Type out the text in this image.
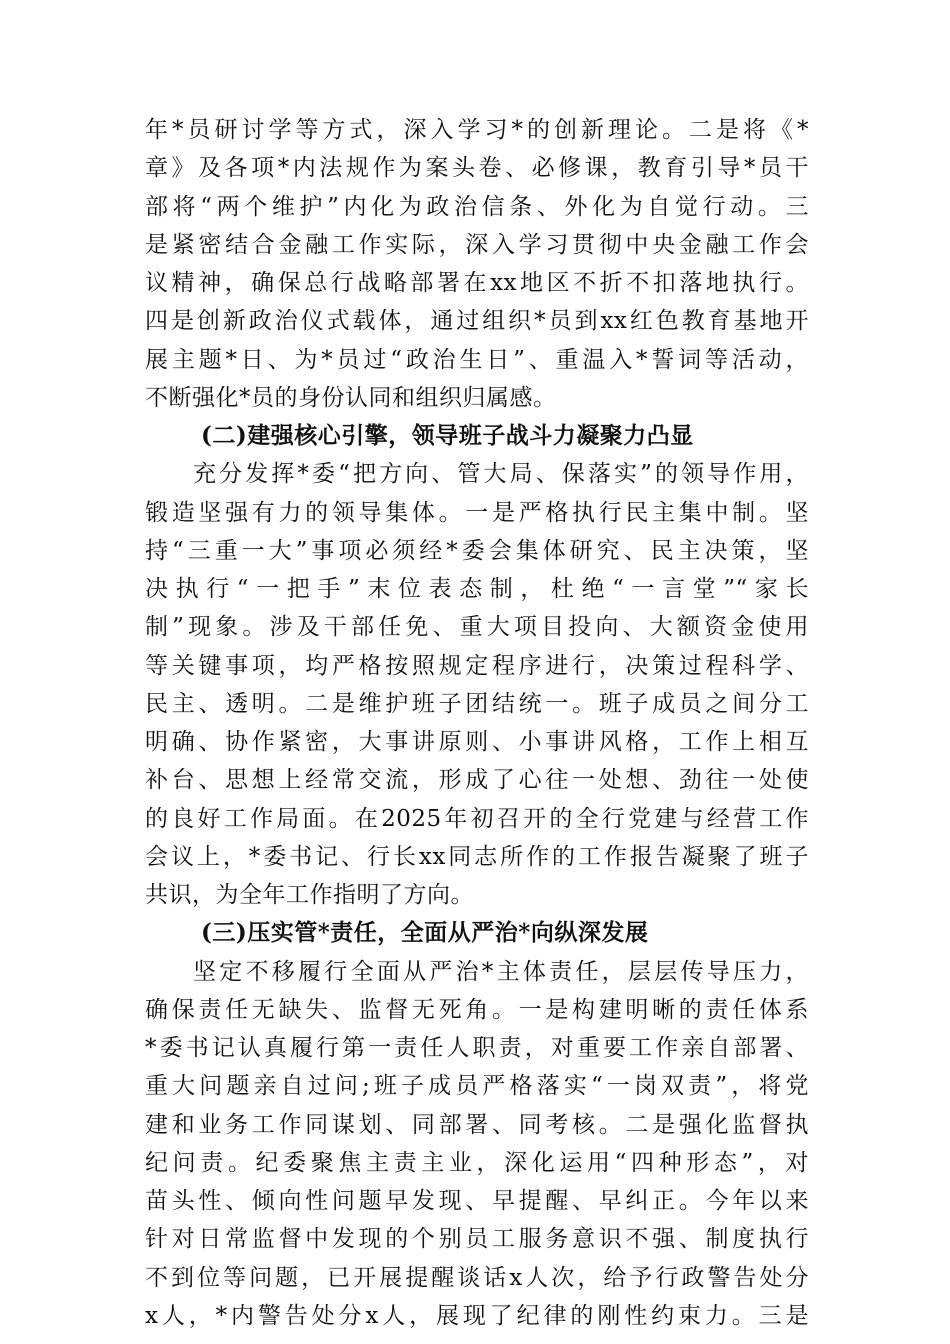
年*员研讨学等方式，深入学习*的创新理论。二是将《*
章》及各项*内法规作为案头卷、必修课，教育引导*员干
部将“两个维护”内化为政治信条、外化为自觉行动。三
是紧密结合金融工作实际，深入学习贯彻中央金融工作会
议精神，确保总行战略部署在xx地区不折不扣落地执行。
四是创新政治仪式载体，通过组织*员到xx红色教育基地开
展主题*日、为*员过“政治生日”、重温入*誓词等活动，
不断强化*员的身份认同和组织归属感。
(二)建强核心引擎，领导班子战斗力凝聚力凸显
充分发挥*委“把方向、管大局、保落实”的领导作用，
锻造坚强有力的领导集体。一是严格执行民主集中制。坚
持“三重一大”事项必须经*委会集体研究、民主决策，坚
决执行“一把手”末位表态制，杜绝“一言堂”“家长
制”现象。涉及干部任免、重大项目投向、大额资金使用
等关键事项，均严格按照规定程序进行，决策过程科学、
民主、透明。二是维护班子团结统一。班子成员之间分工
明确、协作紧密，大事讲原则、小事讲风格，工作上相互
补台、思想上经常交流，形成了心往一处想、劲往一处使
的良好工作局面。在2025年初召开的全行党建与经营工作
会议上，*委书记、行长xx同志所作的工作报告凝聚了班子
共识，为全年工作指明了方向。
(三)压实管*责任，全面从严治*向纵深发展
坚定不移履行全面从严治*主体责任，层层传导压力，
确保责任无缺失、监督无死角。一是构建明晰的责任体系
*委书记认真履行第一责任人职责，对重要工作亲自部署、
重大问题亲自过问;班子成员严格落实“一岗双责”，将党
建和业务工作同谋划、同部署、同考核。二是强化监督执
纪问责。纪委聚焦主责主业，深化运用“四种形态”，对
苗头性、倾向性问题早发现、早提醒、早纠正。今年以来
针对日常监督中发现的个别员工服务意识不强、制度执行
不到位等问题，已开展提醒谈话x人次，给予行政警告处分
x人，*内警告处分x人，展现了纪律的刚性约束力。三是
